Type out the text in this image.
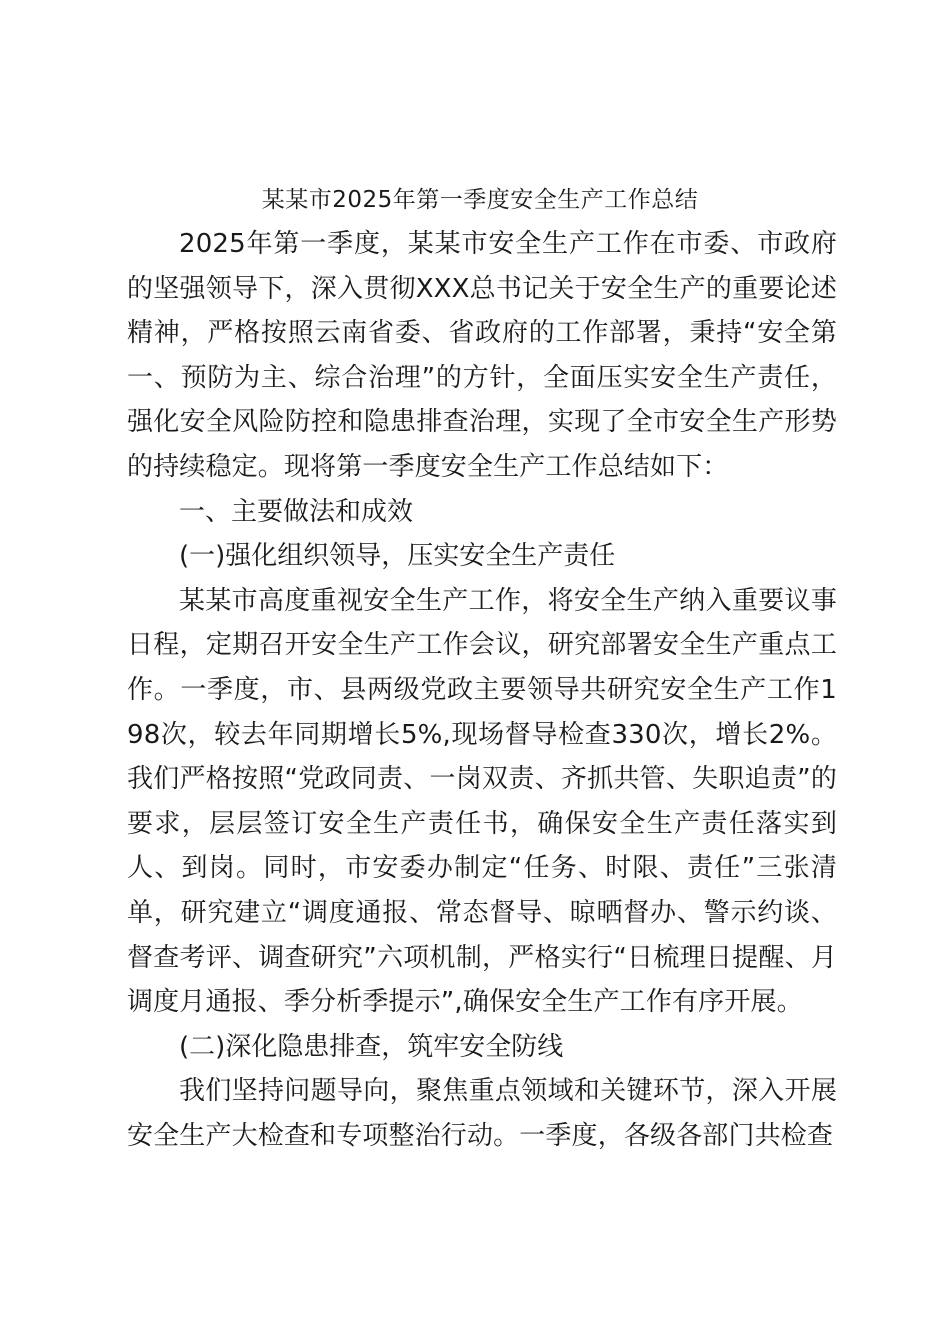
某某市2025年第一季度安全生产工作总结

2025年第一季度，某某市安全生产工作在市委、市政府的坚强领导下，深入贯彻XXX总书记关于安全生产的重要论述精神，严格按照云南省委、省政府的工作部署，秉持“安全第一、预防为主、综合治理”的方针，全面压实安全生产责任，强化安全风险防控和隐患排查治理，实现了全市安全生产形势的持续稳定。现将第一季度安全生产工作总结如下：

一、主要做法和成效

(一)强化组织领导，压实安全生产责任

某某市高度重视安全生产工作，将安全生产纳入重要议事日程，定期召开安全生产工作会议，研究部署安全生产重点工作。一季度，市、县两级党政主要领导共研究安全生产工作198次，较去年同期增长5%,现场督导检查330次，增长2%。我们严格按照“党政同责、一岗双责、齐抓共管、失职追责”的要求，层层签订安全生产责任书，确保安全生产责任落实到人、到岗。同时，市安委办制定“任务、时限、责任”三张清单，研究建立“调度通报、常态督导、晾晒督办、警示约谈、督查考评、调查研究”六项机制，严格实行“日梳理日提醒、月调度月通报、季分析季提示”,确保安全生产工作有序开展。

(二)深化隐患排查，筑牢安全防线

我们坚持问题导向，聚焦重点领域和关键环节，深入开展安全生产大检查和专项整治行动。一季度，各级各部门共检查
